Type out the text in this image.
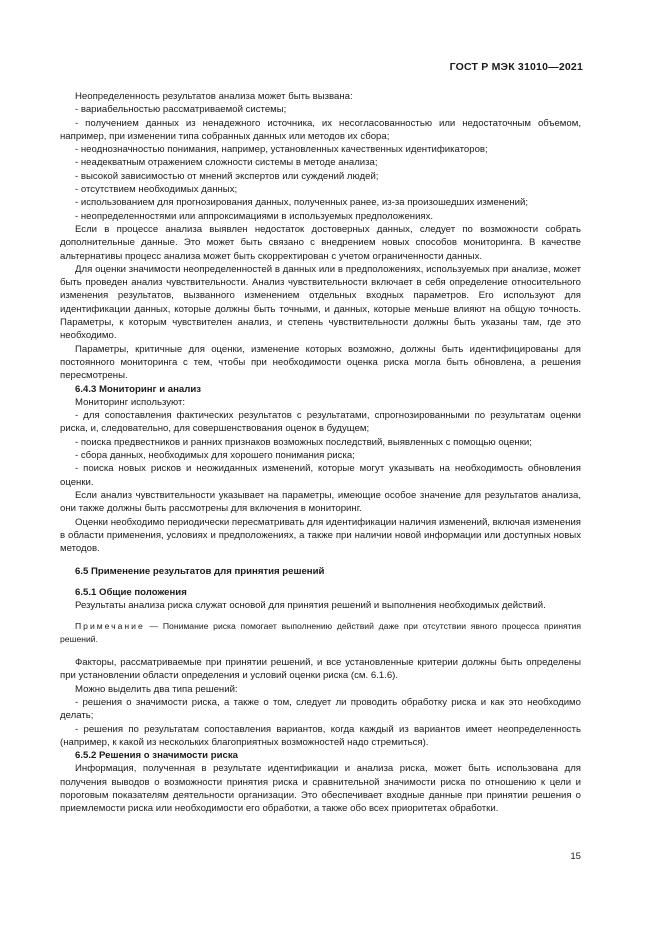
ГОСТ Р МЭК 31010—2021

Неопределенность результатов анализа может быть вызвана:

- вариабельностью рассматриваемой системы;

- получением данных из ненадежного источника, их несогласованностью или недостаточным объемом, например, при изменении типа собранных данных или методов их сбора;

- неоднозначностью понимания, например, установленных качественных идентификаторов;

- неадекватным отражением сложности системы в методе анализа;

- высокой зависимостью от мнений экспертов или суждений людей;

- отсутствием необходимых данных;

- использованием для прогнозирования данных, полученных ранее, из-за произошедших изменений;

- неопределенностями или аппроксимациями в используемых предположениях.

Если в процессе анализа выявлен недостаток достоверных данных, следует по возможности собрать дополнительные данные. Это может быть связано с внедрением новых способов мониторинга. В качестве альтернативы процесс анализа может быть скорректирован с учетом ограниченности данных.

Для оценки значимости неопределенностей в данных или в предположениях, используемых при анализе, может быть проведен анализ чувствительности. Анализ чувствительности включает в себя определение относительного изменения результатов, вызванного изменением отдельных входных параметров. Его используют для идентификации данных, которые должны быть точными, и данных, которые меньше влияют на общую точность. Параметры, к которым чувствителен анализ, и степень чувствительности должны быть указаны там, где это необходимо.

Параметры, критичные для оценки, изменение которых возможно, должны быть идентифицированы для постоянного мониторинга с тем, чтобы при необходимости оценка риска могла быть обновлена, а решения пересмотрены.

6.4.3 Мониторинг и анализ

Мониторинг используют:

- для сопоставления фактических результатов с результатами, спрогнозированными по результатам оценки риска, и, следовательно, для совершенствования оценок в будущем;

- поиска предвестников и ранних признаков возможных последствий, выявленных с помощью оценки;

- сбора данных, необходимых для хорошего понимания риска;

- поиска новых рисков и неожиданных изменений, которые могут указывать на необходимость обновления оценки.

Если анализ чувствительности указывает на параметры, имеющие особое значение для результатов анализа, они также должны быть рассмотрены для включения в мониторинг.

Оценки необходимо периодически пересматривать для идентификации наличия изменений, включая изменения в области применения, условиях и предположениях, а также при наличии новой информации или доступных новых методов.

6.5 Применение результатов для принятия решений

6.5.1 Общие положения

Результаты анализа риска служат основой для принятия решений и выполнения необходимых действий.

Примечание — Понимание риска помогает выполнению действий даже при отсутствии явного процесса принятия решений.

Факторы, рассматриваемые при принятии решений, и все установленные критерии должны быть определены при установлении области определения и условий оценки риска (см. 6.1.6).

Можно выделить два типа решений:

- решения о значимости риска, а также о том, следует ли проводить обработку риска и как это необходимо делать;

- решения по результатам сопоставления вариантов, когда каждый из вариантов имеет неопределенность (например, к какой из нескольких благоприятных возможностей надо стремиться).

6.5.2 Решения о значимости риска

Информация, полученная в результате идентификации и анализа риска, может быть использована для получения выводов о возможности принятия риска и сравнительной значимости риска по отношению к цели и пороговым показателям деятельности организации. Это обеспечивает входные данные при принятии решения о приемлемости риска или необходимости его обработки, а также обо всех приоритетах обработки.

15
